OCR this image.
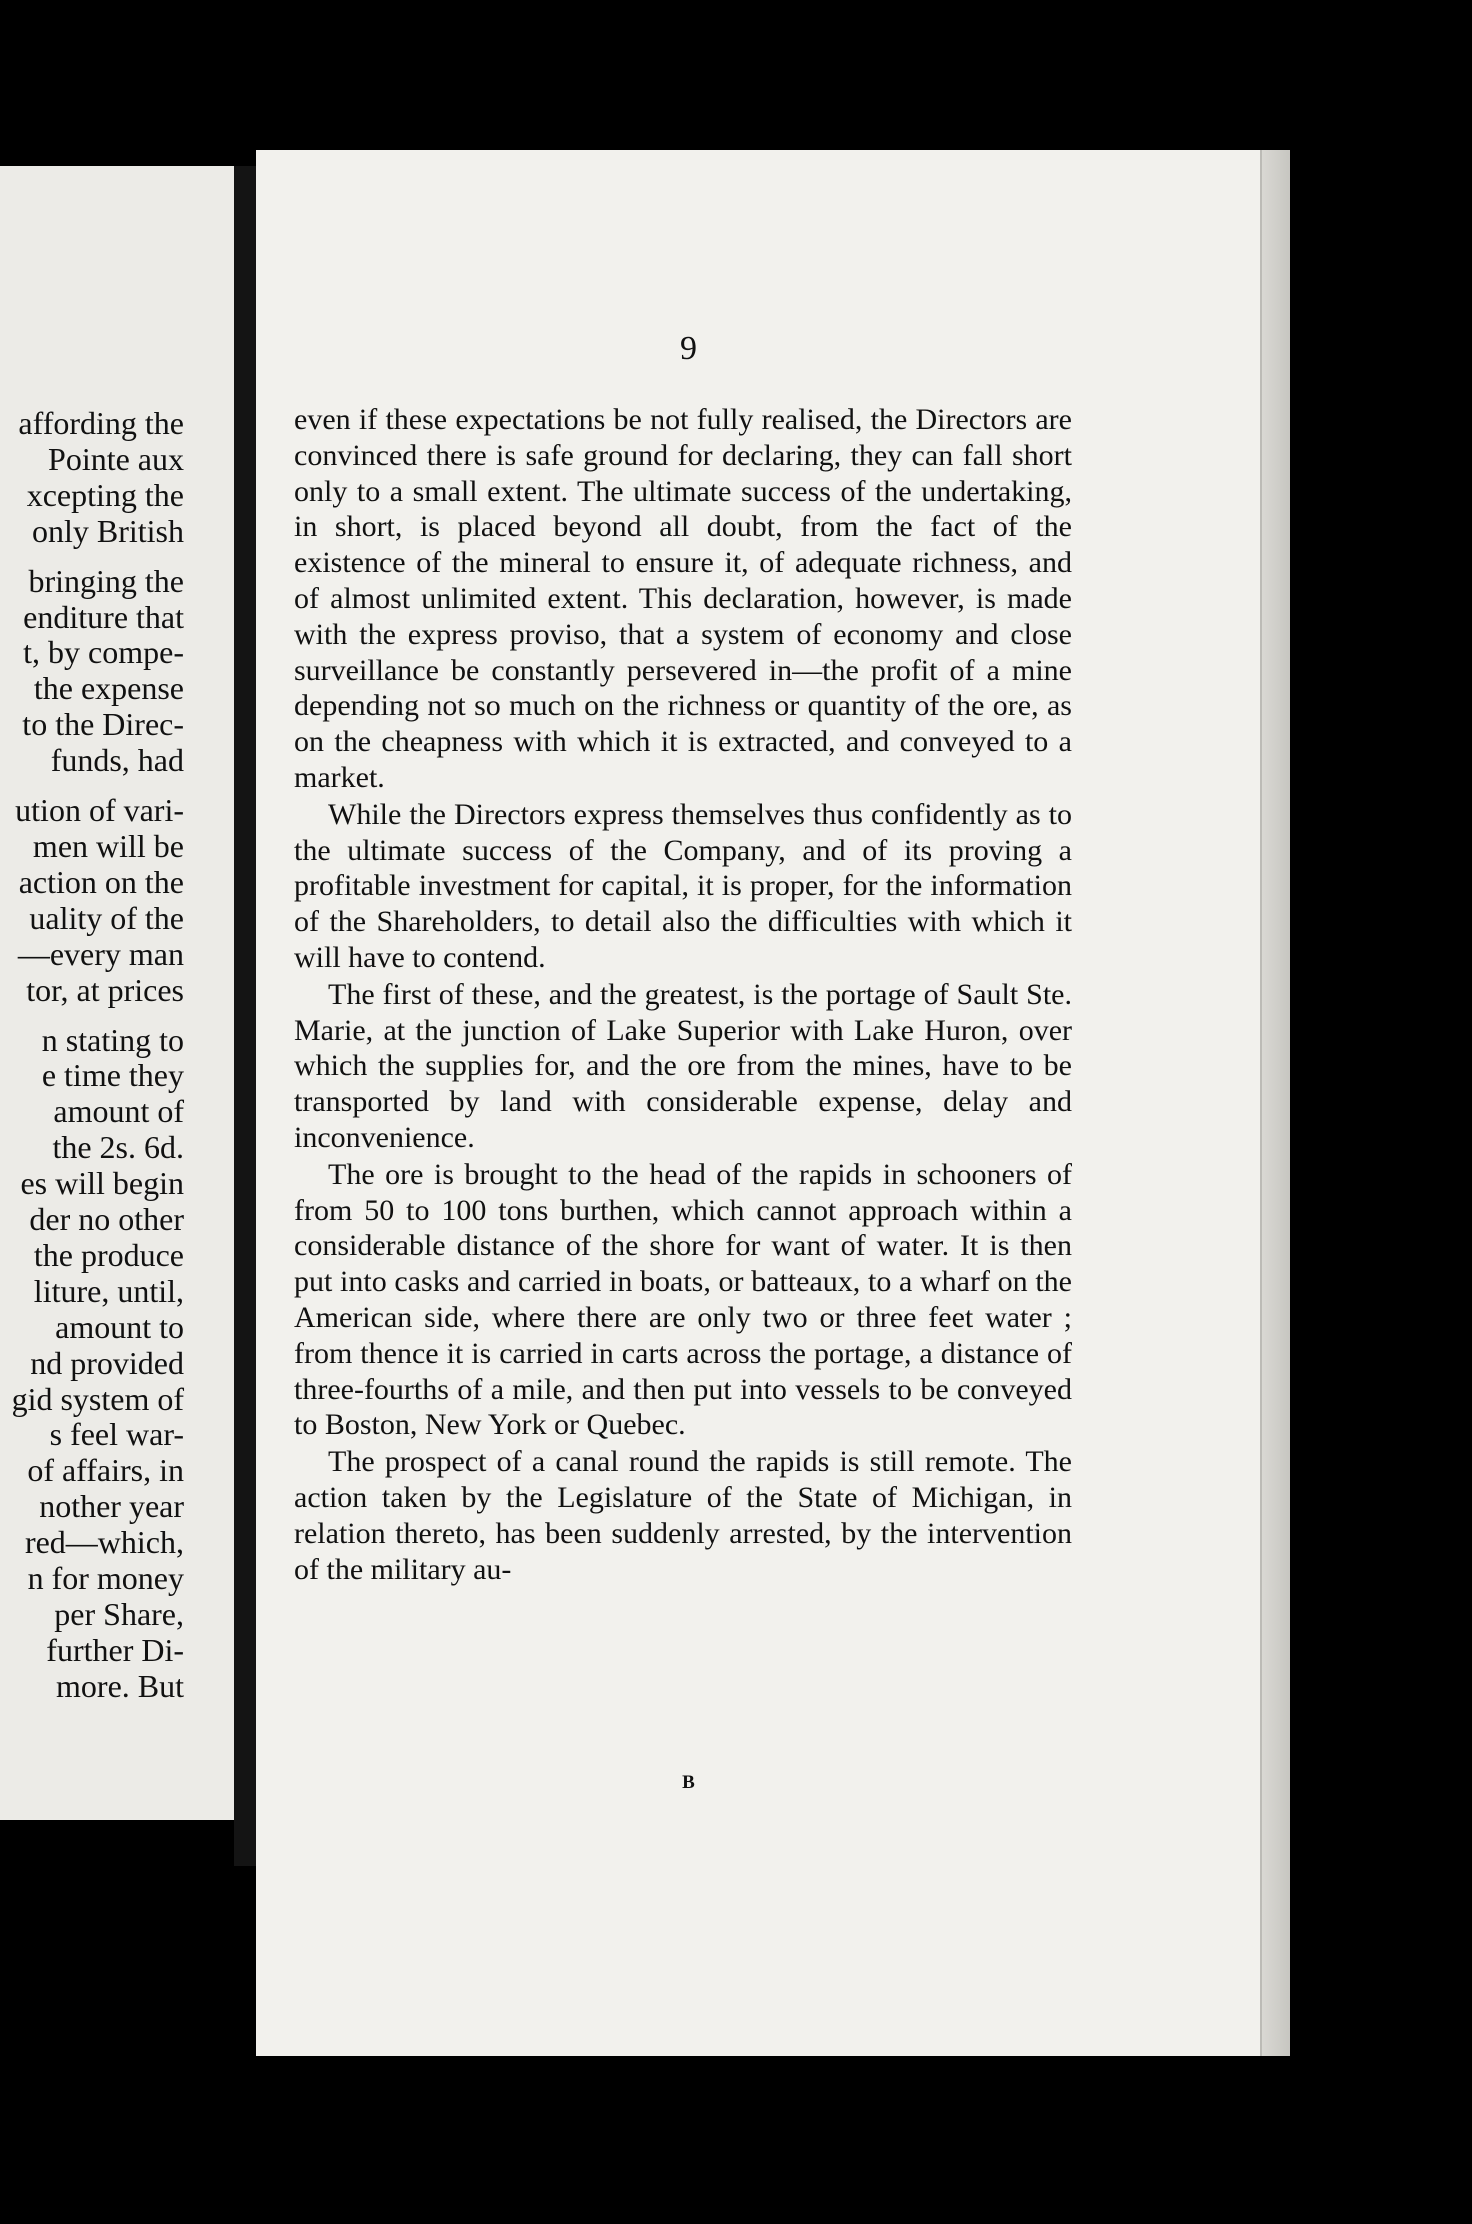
affording the
Pointe aux
xcepting the
only British
bringing the
enditure that
t, by compe-
the expense
to the Direc-
funds, had
ution of vari-
men will be
action on the
uality of the
—every man
tor, at prices
n stating to
e time they
amount of
the 2s. 6d.
es will begin
der no other
the produce
liture, until,
amount to
nd provided
gid system of
s feel war-
of affairs, in
nother year
red—which,
n for money
per Share,
further Di-
more. But
9

even if these expectations be not fully realised, the Directors are convinced there is safe ground for declaring, they can fall short only to a small extent. The ultimate success of the undertaking, in short, is placed beyond all doubt, from the fact of the existence of the mineral to ensure it, of adequate richness, and of almost unlimited extent. This declaration, however, is made with the express proviso, that a system of economy and close surveillance be constantly persevered in—the profit of a mine depending not so much on the richness or quantity of the ore, as on the cheapness with which it is extracted, and conveyed to a market.

While the Directors express themselves thus confidently as to the ultimate success of the Company, and of its proving a profitable investment for capital, it is proper, for the information of the Shareholders, to detail also the difficulties with which it will have to contend.

The first of these, and the greatest, is the portage of Sault Ste. Marie, at the junction of Lake Superior with Lake Huron, over which the supplies for, and the ore from the mines, have to be transported by land with considerable expense, delay and inconvenience.

The ore is brought to the head of the rapids in schooners of from 50 to 100 tons burthen, which cannot approach within a considerable distance of the shore for want of water. It is then put into casks and carried in boats, or batteaux, to a wharf on the American side, where there are only two or three feet water ; from thence it is carried in carts across the portage, a distance of three-fourths of a mile, and then put into vessels to be conveyed to Boston, New York or Quebec.

The prospect of a canal round the rapids is still remote. The action taken by the Legislature of the State of Michigan, in relation thereto, has been suddenly arrested, by the intervention of the military au-

B
